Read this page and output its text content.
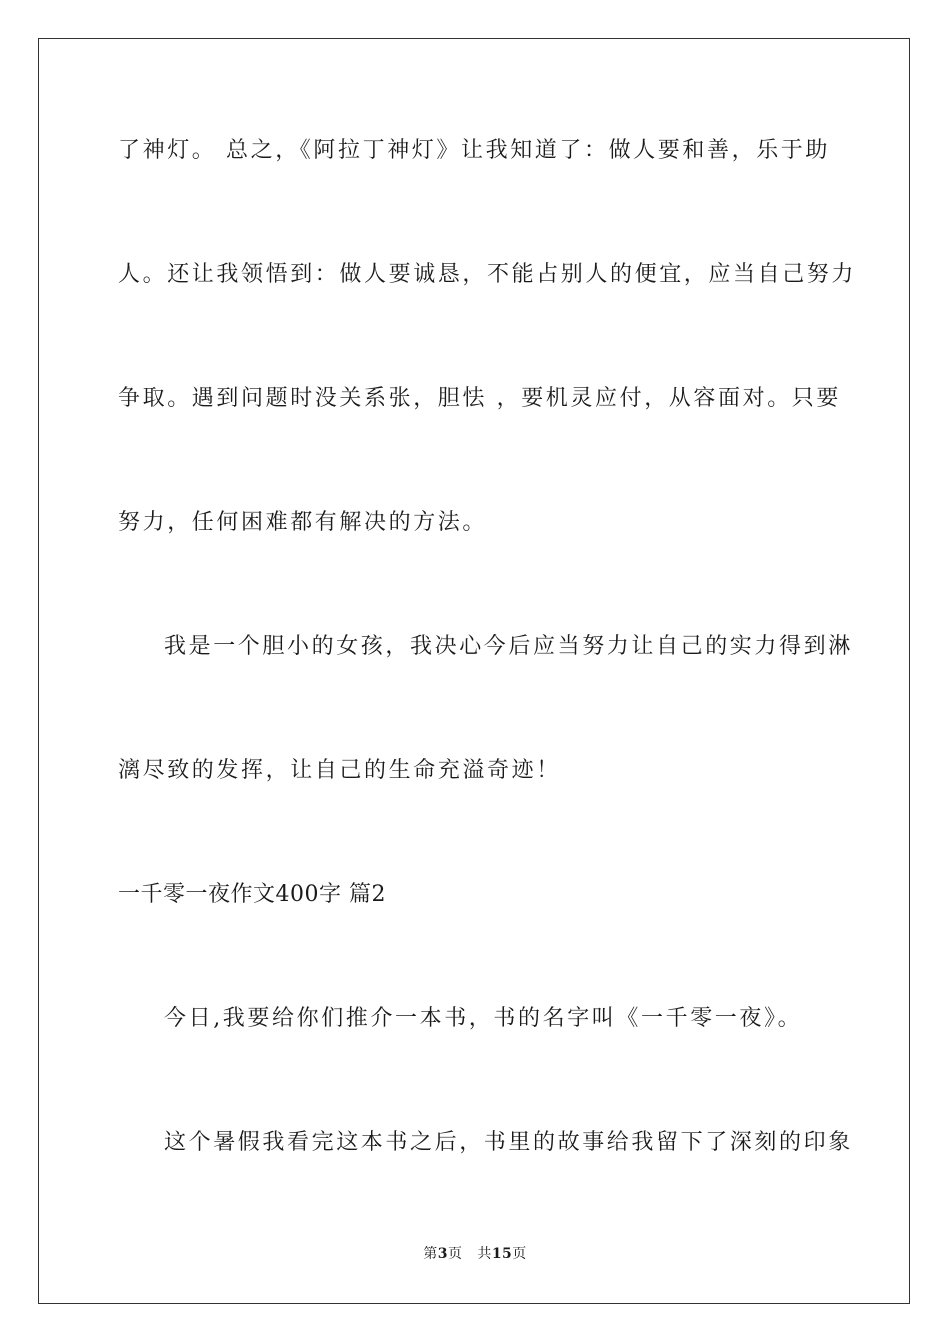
了神灯。 总之，《阿拉丁神灯》让我知道了：做人要和善，乐于助
人。还让我领悟到：做人要诚恳，不能占别人的便宜，应当自己努力
争取。遇到问题时没关系张，胆怯 ，要机灵应付，从容面对。只要
努力，任何困难都有解决的方法。
我是一个胆小的女孩，我决心今后应当努力让自己的实力得到淋
漓尽致的发挥，让自己的生命充溢奇迹！
一千零一夜作文400字 篇2
今日,我要给你们推介一本书，书的名字叫《一千零一夜》。
这个暑假我看完这本书之后，书里的故事给我留下了深刻的印象
第3页 共15页
